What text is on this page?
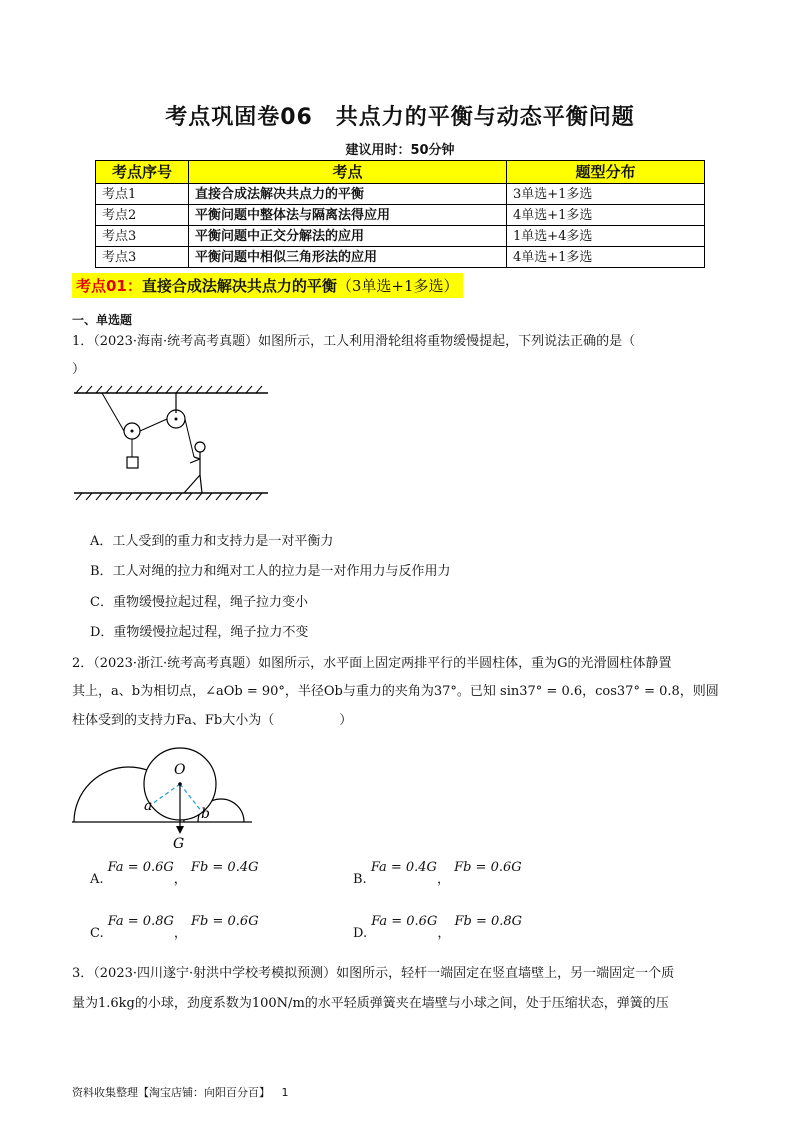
考点巩固卷06　共点力的平衡与动态平衡问题
建议用时：50分钟
考点序号	考点	题型分布
考点1	直接合成法解决共点力的平衡	3单选+1多选
考点2	平衡问题中整体法与隔离法得应用	4单选+1多选
考点3	平衡问题中正交分解法的应用	1单选+4多选
考点3	平衡问题中相似三角形法的应用	4单选+1多选
考点01：直接合成法解决共点力的平衡（3单选+1多选）
一、单选题
1．（2023·海南·统考高考真题）如图所示，工人利用滑轮组将重物缓慢提起，下列说法正确的是（
）
A．工人受到的重力和支持力是一对平衡力
B．工人对绳的拉力和绳对工人的拉力是一对作用力与反作用力
C．重物缓慢拉起过程，绳子拉力变小
D．重物缓慢拉起过程，绳子拉力不变
2．（2023·浙江·统考高考真题）如图所示，水平面上固定两排平行的半圆柱体，重为G的光滑圆柱体静置
其上，a、b为相切点，∠aOb = 90°，半径Ob与重力的夹角为37°。已知 sin37° = 0.6，cos37° = 0.8，则圆
柱体受到的支持力Fa、Fb大小为（　　　　　）
O
a	b
G
A. Fa = 0.6G， Fb = 0.4G
B. Fa = 0.4G， Fb = 0.6G
C. Fa = 0.8G， Fb = 0.6G
D. Fa = 0.6G， Fb = 0.8G
3．（2023·四川遂宁·射洪中学校考模拟预测）如图所示，轻杆一端固定在竖直墙壁上，另一端固定一个质
量为1.6kg的小球，劲度系数为100N/m的水平轻质弹簧夹在墙壁与小球之间，处于压缩状态，弹簧的压
资料收集整理【淘宝店铺：向阳百分百】 1
